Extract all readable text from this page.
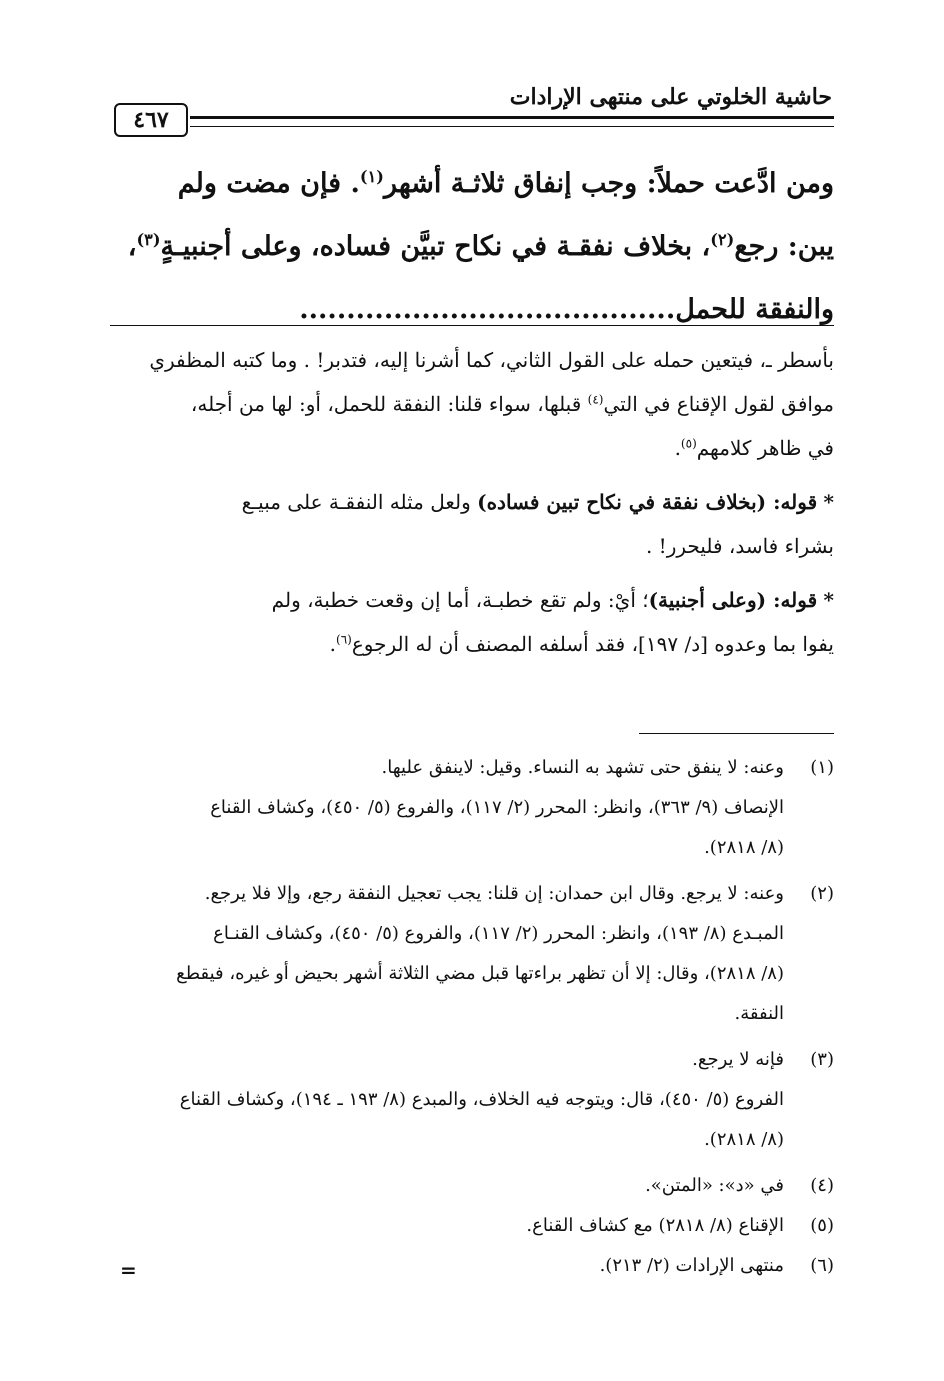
حاشية الخلوتي على منتهى الإرادات
٤٦٧
ومن ادَّعت حملاً: وجب إنفاق ثلاثـة أشهر$^{(١)}$. فإن مضت ولم
يبن: رجع$^{(٢)}$، بخلاف نفقـة في نكاح تبيَّن فساده، وعلى أجنبيـةٍ$^{(٣)}$،
والنفقة للحمل........................................
بأسطر ـ، فيتعين حمله على القول الثاني، كما أشرنا إليه، فتدبر! . وما كتبه المظفري
موافق لقول الإقناع في التي$^{(٤)}$ قبلها، سواء قلنا: النفقة للحمل، أو: لها من أجله،
في ظاهر كلامهم$^{(٥)}$.
* قوله: (بخلاف نفقة في نكاح تبين فساده) ولعل مثله النفقـة على مبيـع
بشراء فاسد، فليحرر! .
* قوله: (وعلى أجنبية)؛ أيْ: ولم تقع خطبـة، أما إن وقعت خطبة، ولم
يفوا بما وعدوه [د/ ١٩٧]، فقد أسلفه المصنف أن له الرجوع$^{(٦)}$.
(١)
وعنه: لا ينفق حتى تشهد به النساء. وقيل: لاينفق عليها.
الإنصاف (٩/ ٣٦٣)، وانظر: المحرر (٢/ ١١٧)، والفروع (٥/ ٤٥٠)، وكشاف القناع
(٨/ ٢٨١٨).
(٢)
وعنه: لا يرجع. وقال ابن حمدان: إن قلنا: يجب تعجيل النفقة رجع، وإلا فلا يرجع.
المبـدع (٨/ ١٩٣)، وانظر: المحرر (٢/ ١١٧)، والفروع (٥/ ٤٥٠)، وكشاف القنـاع
(٨/ ٢٨١٨)، وقال: إلا أن تظهر براءتها قبل مضي الثلاثة أشهر بحيض أو غيره، فيقطع
النفقة.
(٣)
فإنه لا يرجع.
الفروع (٥/ ٤٥٠)، قال: ويتوجه فيه الخلاف، والمبدع (٨/ ١٩٣ ـ ١٩٤)، وكشاف القناع
(٨/ ٢٨١٨).
(٤)
في «د»: «المتن».
(٥)
الإقناع (٨/ ٢٨١٨) مع كشاف القناع.
(٦)
منتهى الإرادات (٢/ ٢١٣).
=
